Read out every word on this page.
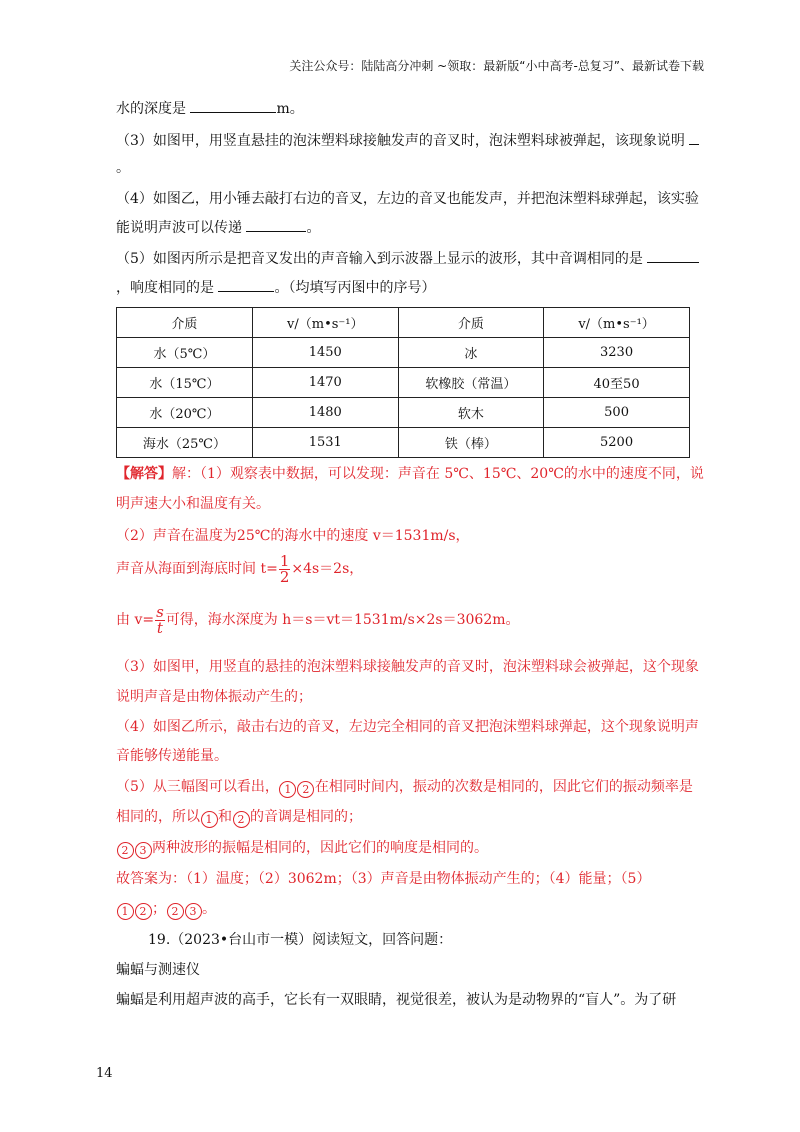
关注公众号：陆陆高分冲刺 ~领取：最新版“小中高考-总复习”、最新试卷下载
水的深度是	m。
（3）如图甲，用竖直悬挂的泡沫塑料球接触发声的音叉时，泡沫塑料球被弹起，该现象说明
。
（4）如图乙，用小锤去敲打右边的音叉，左边的音叉也能发声，并把泡沫塑料球弹起，该实验
能说明声波可以传递	。
（5）如图丙所示是把音叉发出的声音输入到示波器上显示的波形，其中音调相同的是
，响度相同的是	。（均填写丙图中的序号）
介质	v/（m•s⁻¹）	介质	v/（m•s⁻¹）
水（5℃）	1450	冰	3230
水（15℃）	1470	软橡胶（常温）	40至50
水（20℃）	1480	软木	500
海水（25℃）	1531	铁（棒）	5200
【解答】解：（1）观察表中数据，可以发现：声音在 5℃、15℃、20℃的水中的速度不同，说
明声速大小和温度有关。
（2）声音在温度为25℃的海水中的速度 v＝1531m/s，
声音从海面到海底时间 $t= \frac{1}{2} \times 4s=2s$，
由 $v= \frac{s}{t}$ 可得，海水深度为 h＝s＝vt＝1531m/s×2s＝3062m。
（3）如图甲，用竖直的悬挂的泡沫塑料球接触发声的音叉时，泡沫塑料球会被弹起，这个现象
说明声音是由物体振动产生的；
（4）如图乙所示，敲击右边的音叉，左边完全相同的音叉把泡沫塑料球弹起，这个现象说明声
音能够传递能量。
（5）从三幅图可以看出， 1 2 在相同时间内，振动的次数是相同的，因此它们的振动频率是
相同的，所以 1 和 2 的音调是相同的；
2 3 两种波形的振幅是相同的，因此它们的响度是相同的。
故答案为：（1）温度；（2）3062m；（3）声音是由物体振动产生的；（4）能量；（5）
1 2 ； 2 3 。
19.（2023•台山市一模）阅读短文，回答问题：
蝙蝠与测速仪
蝙蝠是利用超声波的高手，它长有一双眼睛，视觉很差，被认为是动物界的“盲人”。为了研
14
